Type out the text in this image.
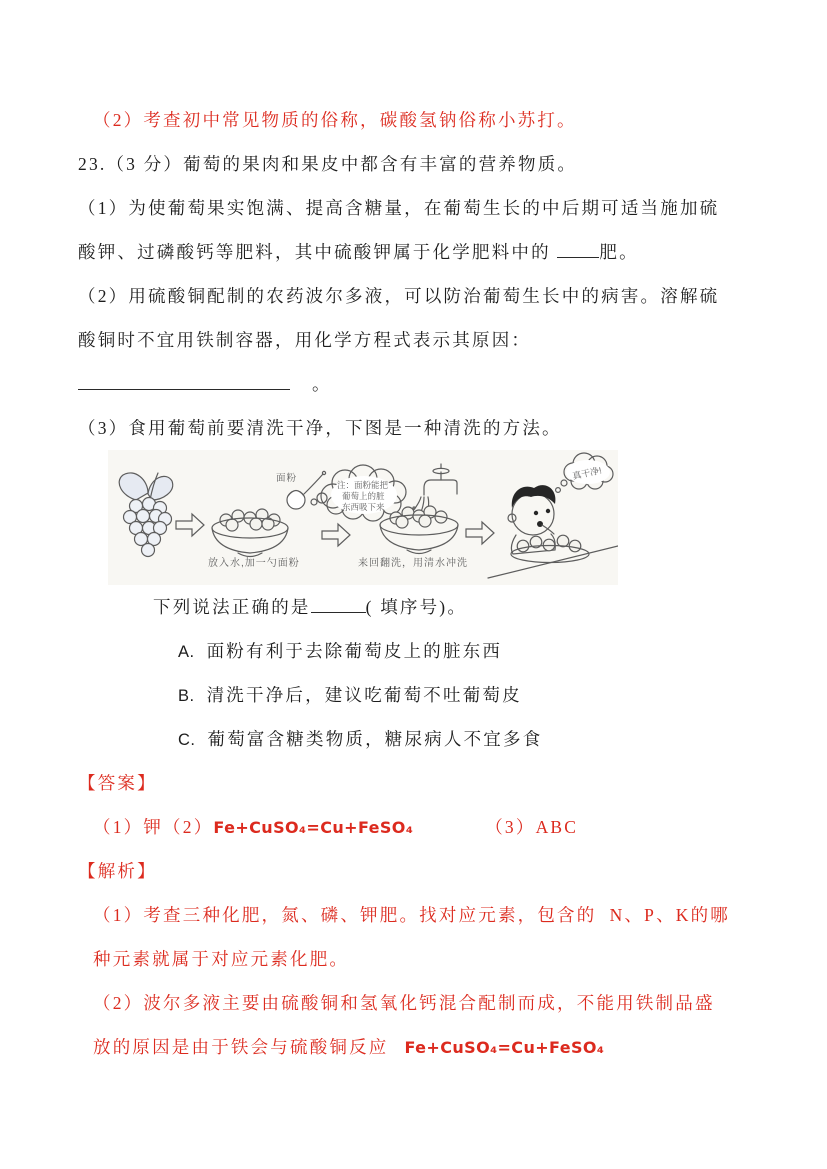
（2）考查初中常见物质的俗称，碳酸氢钠俗称小苏打。
23.（3 分）葡萄的果肉和果皮中都含有丰富的营养物质。
（1）为使葡萄果实饱满、提高含糖量，在葡萄生长的中后期可适当施加硫
酸钾、过磷酸钙等肥料，其中硫酸钾属于化学肥料中的 肥。
（2）用硫酸铜配制的农药波尔多液，可以防治葡萄生长中的病害。溶解硫
酸铜时不宜用铁制容器，用化学方程式表示其原因：
。
（3）食用葡萄前要清洗干净，下图是一种清洗的方法。
放入水,加一勺面粉
面粉
注：面粉能把
葡萄上的脏
东西吸下来
来回翻洗，用清水冲洗
真干净!
下列说法正确的是	( 填序号)。
A. 面粉有利于去除葡萄皮上的脏东西
B. 清洗干净后，建议吃葡萄不吐葡萄皮
C. 葡萄富含糖类物质，糖尿病人不宜多食
【答案】
（1）钾（2）Fe+CuSO₄=Cu+FeSO₄	（3）ABC
【解析】
（1）考查三种化肥，氮、磷、钾肥。找对应元素，包含的  N、P、K的哪
种元素就属于对应元素化肥。
（2）波尔多液主要由硫酸铜和氢氧化钙混合配制而成，不能用铁制品盛
放的原因是由于铁会与硫酸铜反应 Fe+CuSO₄=Cu+FeSO₄
